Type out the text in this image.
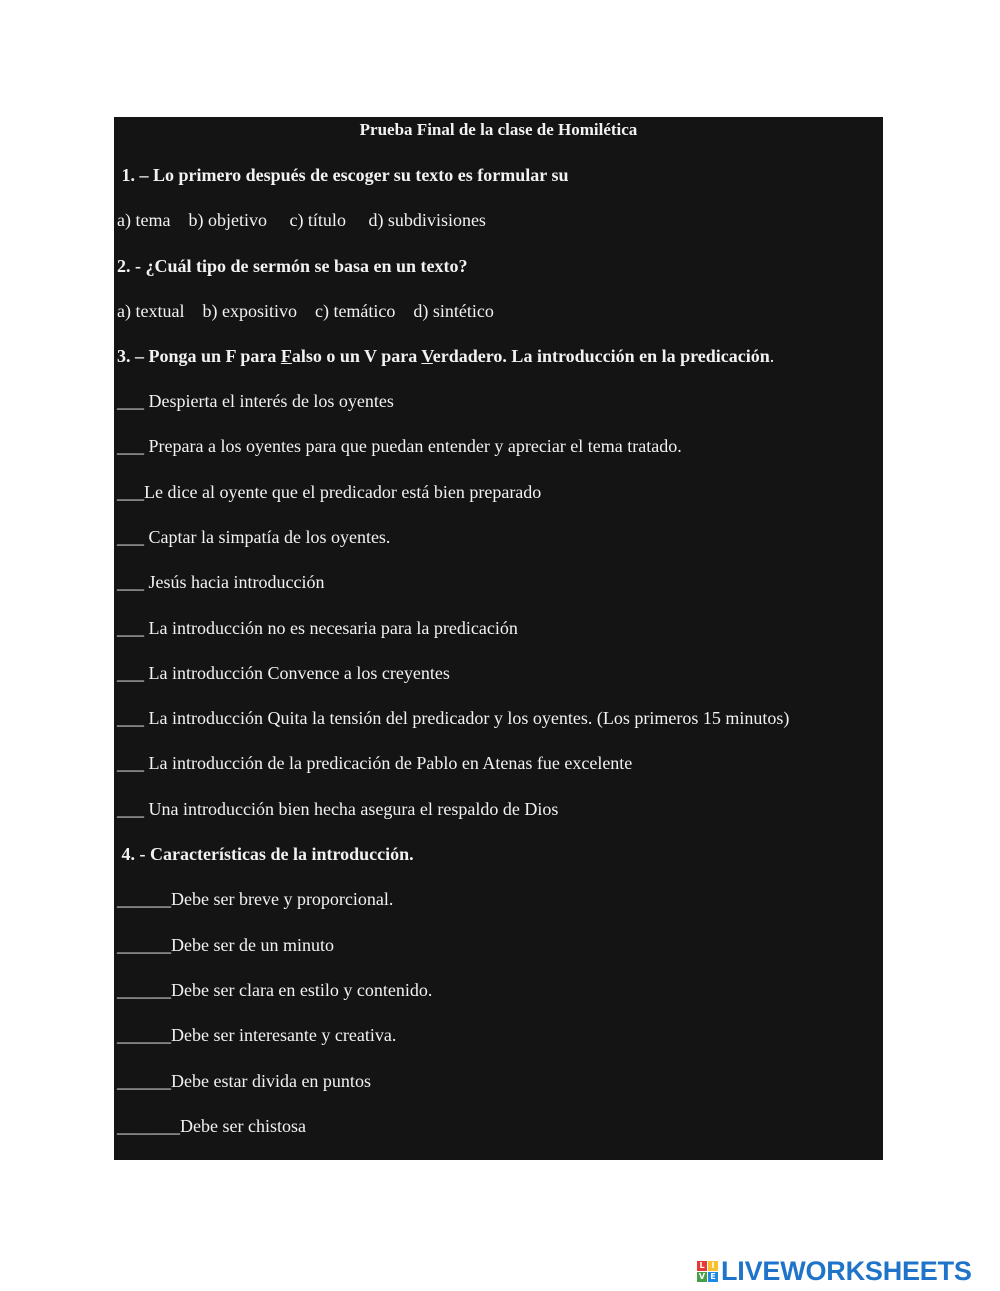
Prueba Final de la clase de Homilética
1. – Lo primero después de escoger su texto es formular su
a) tema    b) objetivo     c) título     d) subdivisiones
2. - ¿Cuál tipo de sermón se basa en un texto?
a) textual    b) expositivo    c) temático    d) sintético
3. – Ponga un F para Falso o un V para Verdadero. La introducción en la predicación.
___ Despierta el interés de los oyentes
___ Prepara a los oyentes para que puedan entender y apreciar el tema tratado.
___Le dice al oyente que el predicador está bien preparado
___ Captar la simpatía de los oyentes.
___ Jesús hacia introducción
___ La introducción no es necesaria para la predicación
___ La introducción Convence a los creyentes
___ La introducción Quita la tensión del predicador y los oyentes. (Los primeros 15 minutos)
___ La introducción de la predicación de Pablo en Atenas fue excelente
___ Una introducción bien hecha asegura el respaldo de Dios
4. - Características de la introducción.
______Debe ser breve y proporcional.
______Debe ser de un minuto
______Debe ser clara en estilo y contenido.
______Debe ser interesante y creativa.
______Debe estar divida en puntos
_______Debe ser chistosa
L I
V E LIVEWORKSHEETS
